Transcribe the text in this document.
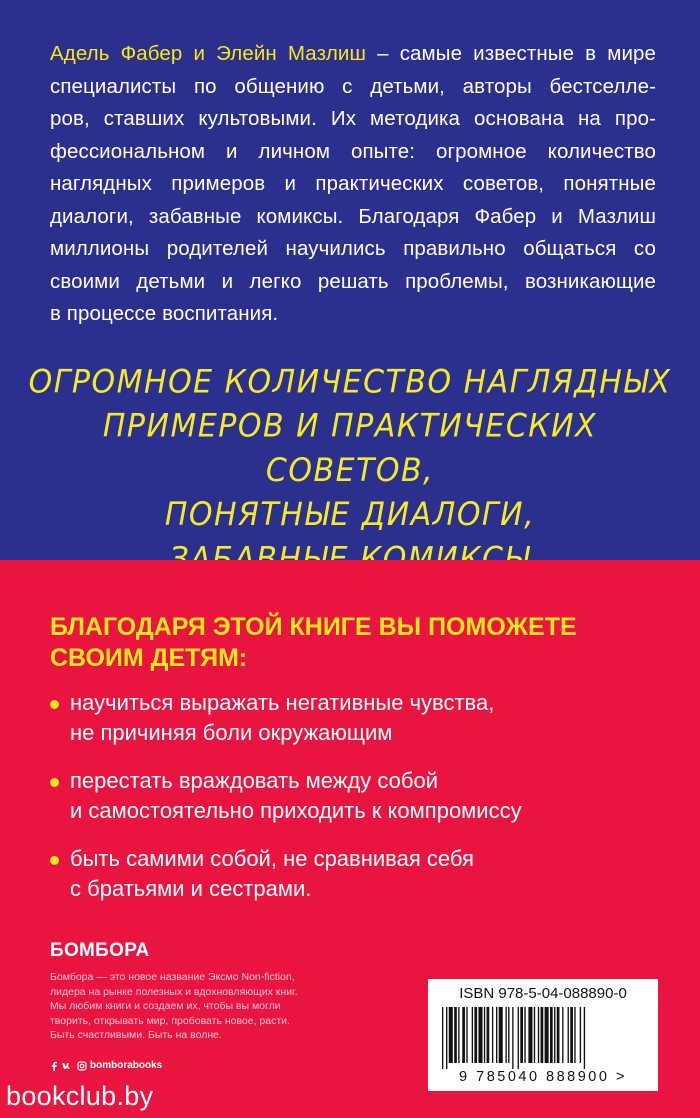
Адель Фабер и Элейн Мазлиш – самые известные в мире
специалисты по общению с детьми, авторы бестселле-
ров, ставших культовыми. Их методика основана на про-
фессиональном и личном опыте: огромное количество
наглядных примеров и практических советов, понятные
диалоги, забавные комиксы. Благодаря Фабер и Мазлиш
миллионы родителей научились правильно общаться со
своими детьми и легко решать проблемы, возникающие
в процессе воспитания.
ОГРОМНОЕ КОЛИЧЕСТВО НАГЛЯДНЫХ
ПРИМЕРОВ И ПРАКТИЧЕСКИХ СОВЕТОВ,
ПОНЯТНЫЕ ДИАЛОГИ,
БЛАГОДАРЯ ЭТОЙ КНИГЕ ВЫ ПОМОЖЕТЕ
СВОИМ ДЕТЯМ:
научиться выражать негативные чувства,
не причиняя боли окружающим
перестать враждовать между собой
и самостоятельно приходить к компромиссу
быть самими собой, не сравнивая себя
с братьями и сестрами.
БОМБОРА
Бомбора — это новое название Эксмо Non-fiction,
лидера на рынке полезных и вдохновляющих книг.
Мы любим книги и создаем их, чтобы вы могли
творить, открывать мир, пробовать новое, расти.
Быть счастливыми. Быть на волне.
bomborabooks
bookclub.by
ISBN 978-5-04-088890-0
9 785040 888900 >
